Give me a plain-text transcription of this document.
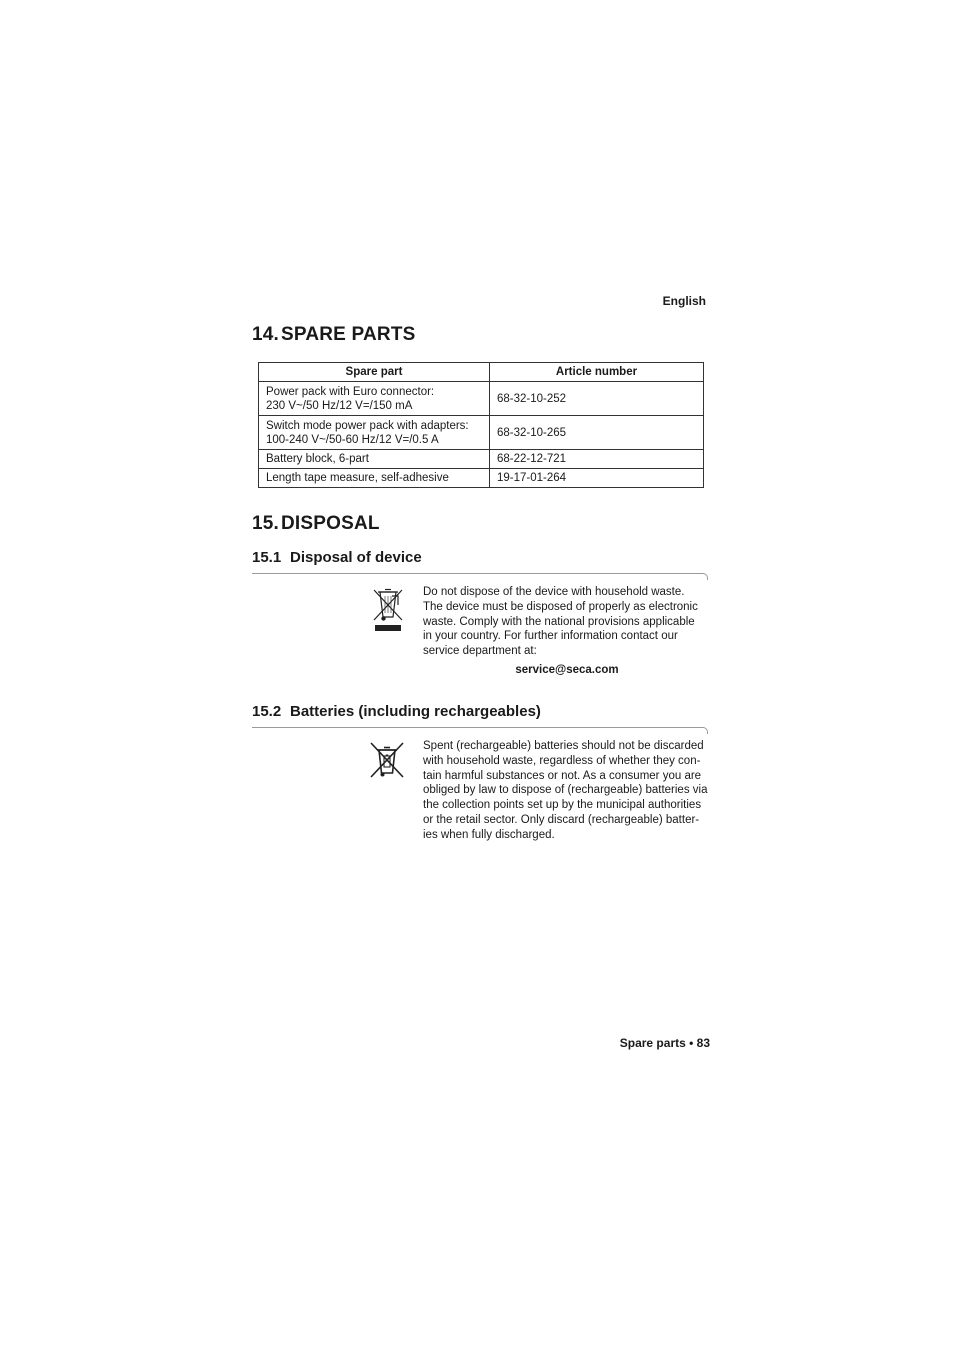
English
14. SPARE PARTS
Spare part	Article number

Power pack with Euro connector:
230 V~/50 Hz/12 V=/150 mA	68-32-10-252

Switch mode power pack with adapters:
100-240 V~/50-60 Hz/12 V=/0.5 A	68-32-10-265
Battery block, 6-part	68-22-12-721
Length tape measure, self-adhesive	19-17-01-264
15. DISPOSAL
15.1 Disposal of device
Do not dispose of the device with household waste.
The device must be disposed of properly as electronic
waste. Comply with the national provisions applicable
in your country. For further information contact our
service department at:
service@seca.com
15.2 Batteries (including rechargeables)
Spent (rechargeable) batteries should not be discarded
with household waste, regardless of whether they con-
tain harmful substances or not. As a consumer you are
obliged by law to dispose of (rechargeable) batteries via
the collection points set up by the municipal authorities
or the retail sector. Only discard (rechargeable) batter-
ies when fully discharged.
Spare parts • 83
